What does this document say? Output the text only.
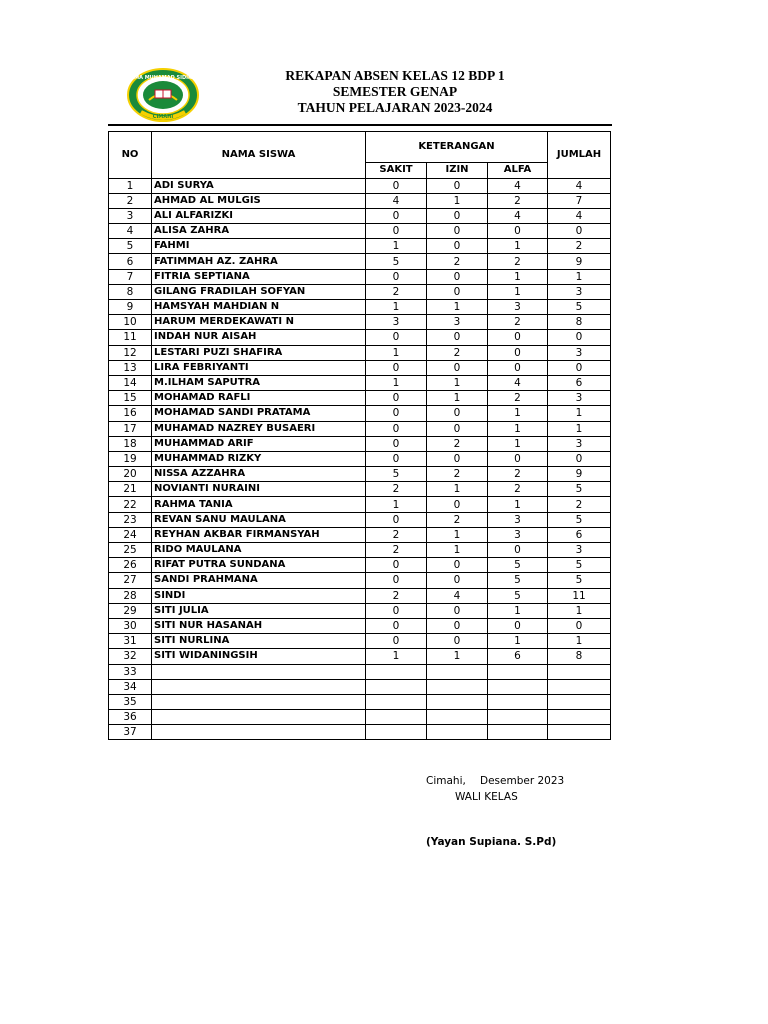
MA MUHAMAD SIDIK
CIMAHI
REKAPAN ABSEN KELAS 12 BDP 1
SEMESTER GENAP
TAHUN PELAJARAN 2023-2024
NO	NAMA SISWA	KETERANGAN			JUMLAH
		SAKIT	IZIN	ALFA	
1	ADI SURYA	0	0	4	4
2	AHMAD AL MULGIS	4	1	2	7
3	ALI ALFARIZKI	0	0	4	4
4	ALISA ZAHRA	0	0	0	0
5	FAHMI	1	0	1	2
6	FATIMMAH AZ. ZAHRA	5	2	2	9
7	FITRIA SEPTIANA	0	0	1	1
8	GILANG FRADILAH SOFYAN	2	0	1	3
9	HAMSYAH MAHDIAN N	1	1	3	5
10	HARUM MERDEKAWATI N	3	3	2	8
11	INDAH NUR AISAH	0	0	0	0
12	LESTARI PUZI SHAFIRA	1	2	0	3
13	LIRA FEBRIYANTI	0	0	0	0
14	M.ILHAM SAPUTRA	1	1	4	6
15	MOHAMAD RAFLI	0	1	2	3
16	MOHAMAD SANDI PRATAMA	0	0	1	1
17	MUHAMAD NAZREY BUSAERI	0	0	1	1
18	MUHAMMAD ARIF	0	2	1	3
19	MUHAMMAD RIZKY	0	0	0	0
20	NISSA AZZAHRA	5	2	2	9
21	NOVIANTI NURAINI	2	1	2	5
22	RAHMA TANIA	1	0	1	2
23	REVAN SANU MAULANA	0	2	3	5
24	REYHAN AKBAR FIRMANSYAH	2	1	3	6
25	RIDO MAULANA	2	1	0	3
26	RIFAT PUTRA SUNDANA	0	0	5	5
27	SANDI PRAHMANA	0	0	5	5
28	SINDI	2	4	5	11
29	SITI JULIA	0	0	1	1
30	SITI NUR HASANAH	0	0	0	0
31	SITI NURLINA	0	0	1	1
32	SITI WIDANINGSIH	1	1	6	8
33					
34					
35					
36					
37					
Cimahi, Desember 2023
WALI KELAS
(Yayan Supiana. S.Pd)
